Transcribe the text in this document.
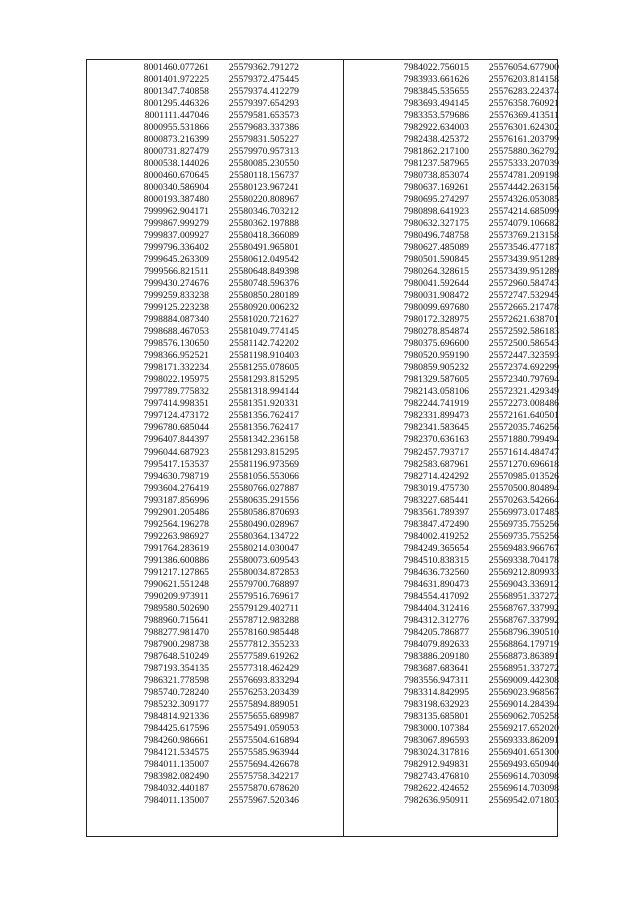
8001460.077261	25579362.791272
8001401.972225	25579372.475445
8001347.740858	25579374.412279
8001295.446326	25579397.654293
8001111.447046	25579581.653573
8000955.531866	25579683.337386
8000873.216399	25579831.505227
8000731.827479	25579970.957313
8000538.144026	25580085.230550
8000460.670645	25580118.156737
8000340.586904	25580123.967241
8000193.387480	25580220.808967
7999962.904171	25580346.703212
7999867.999279	25580362.197888
7999837.009927	25580418.366089
7999796.336402	25580491.965801
7999645.263309	25580612.049542
7999566.821511	25580648.849398
7999430.274676	25580748.596376
7999259.833238	25580850.280189
7999125.223238	25580920.006232
7998884.087340	25581020.721627
7998688.467053	25581049.774145
7998576.130650	25581142.742202
7998366.952521	25581198.910403
7998171.332234	25581255.078605
7998022.195975	25581293.815295
7997789.775832	25581318.994144
7997414.998351	25581351.920331
7997124.473172	25581356.762417
7996780.685044	25581356.762417
7996407.844397	25581342.236158
7996044.687923	25581293.815295
7995417.153537	25581196.973569
7994630.798719	25581056.553066
7993604.276419	25580766.027887
7993187.856996	25580635.291556
7992901.205486	25580586.870693
7992564.196278	25580490.028967
7992263.986927	25580364.134722
7991764.283619	25580214.030047
7991386.600886	25580073.609543
7991217.127865	25580034.872853
7990621.551248	25579700.768897
7990209.973911	25579516.769617
7989580.502690	25579129.402711
7988960.715641	25578712.983288
7988277.981470	25578160.985448
7987900.298738	25577812.355233
7987648.510249	25577589.619262
7987193.354135	25577318.462429
7986321.778598	25576693.833294
7985740.728240	25576253.203439
7985232.309177	25575894.889051
7984814.921336	25575655.689987
7984425.617596	25575491.059053
7984260.986661	25575504.616894
7984121.534575	25575585.963944
7984011.135007	25575694.426678
7983982.082490	25575758.342217
7984032.440187	25575870.678620
7984011.135007	25575967.520346
7984022.756015	25576054.677900
7983933.661626	25576203.814158
7983845.535655	25576283.224374
7983693.494145	25576358.760921
7983353.579686	25576369.413511
7982922.634003	25576301.624302
7982438.425372	25576161.203799
7981862.217100	25575880.362792
7981237.587965	25575333.207039
7980738.853074	25574781.209198
7980637.169261	25574442.263156
7980695.274297	25574326.053085
7980898.641923	25574214.685099
7980632.327175	25574079.106682
7980496.748758	25573769.213158
7980627.485089	25573546.477187
7980501.590845	25573439.951289
7980264.328615	25573439.951289
7980041.592644	25572960.584743
7980031.908472	25572747.532945
7980099.697680	25572665.217478
7980172.328975	25572621.638701
7980278.854874	25572592.586183
7980375.696600	25572500.586543
7980520.959190	25572447.323593
7980859.905232	25572374.692299
7981329.587605	25572340.797694
7982143.058106	25572321.429349
7982244.741919	25572273.008486
7982331.899473	25572161.640501
7982341.583645	25572035.746256
7982370.636163	25571880.799494
7982457.793717	25571614.484747
7982583.687961	25571270.696618
7982714.424292	25570985.013526
7983019.475730	25570500.804894
7983227.685441	25570263.542664
7983561.789397	25569973.017485
7983847.472490	25569735.755256
7984002.419252	25569735.755256
7984249.365654	25569483.966767
7984510.838315	25569338.704178
7984636.732560	25569212.809933
7984631.890473	25569043.336912
7984554.417092	25568951.337272
7984404.312416	25568767.337992
7984312.312776	25568767.337992
7984205.786877	25568796.390510
7984079.892633	25568864.179719
7983886.209180	25568873.863891
7983687.683641	25568951.337272
7983556.947311	25569009.442308
7983314.842995	25569023.968567
7983198.632923	25569014.284394
7983135.685801	25569062.705258
7983000.107384	25569217.652020
7983067.896593	25569333.862091
7983024.317816	25569401.651300
7982912.949831	25569493.650940
7982743.476810	25569614.703098
7982622.424652	25569614.703098
7982636.950911	25569542.071803
